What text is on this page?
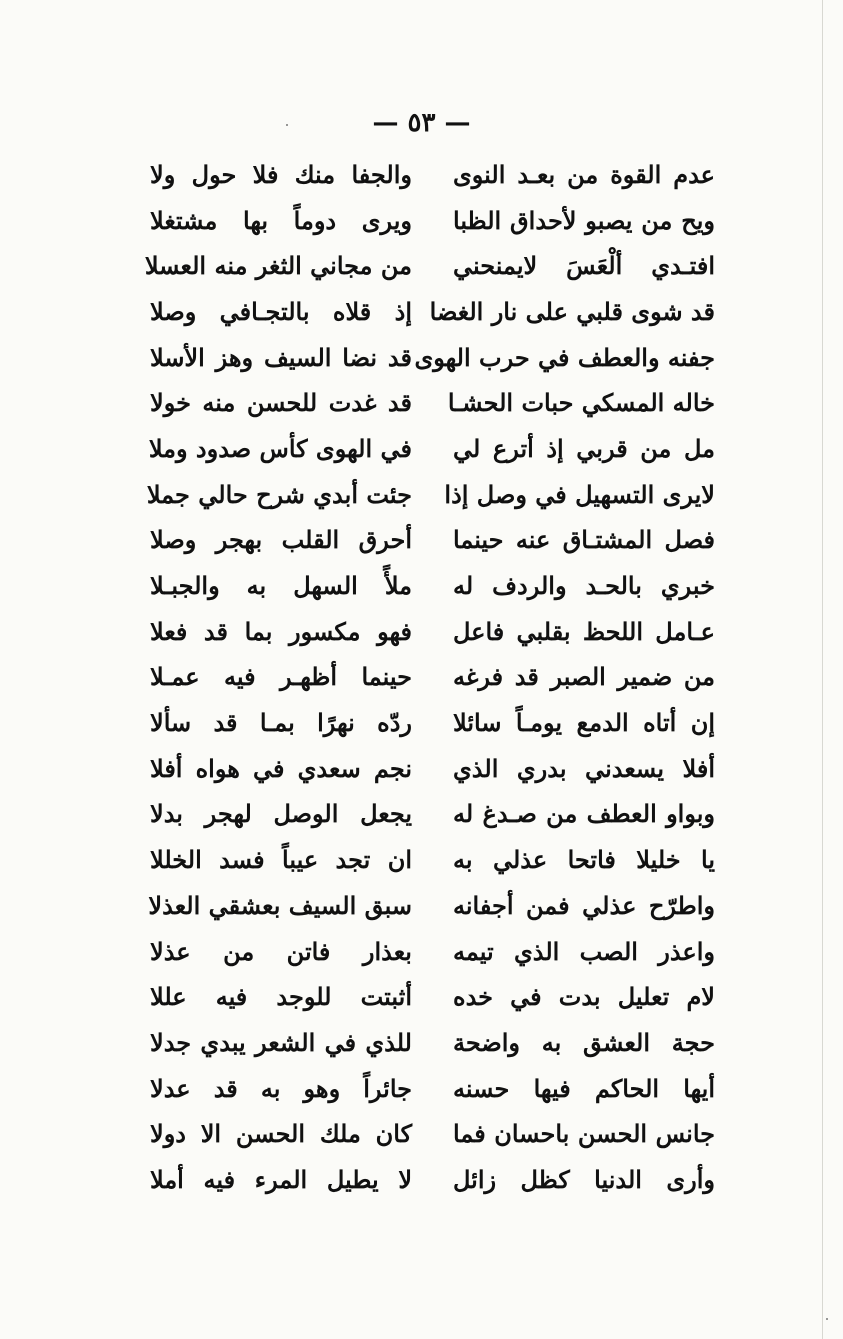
— ٥٣ —
عدم القوة من بعـد النوى
والجفا منك فلا حول ولا
ويح من يصبو لأحداق الظبا
ويرى دوماً بها مشتغلا
افتـدي ألْعَسَ لايمنحني
من مجاني الثغر منه العسلا
قد شوى قلبي على نار الغضا
إذ قلاه بالتجـافي وصلا
جفنه والعطف في حرب الهوى
قد نضا السيف وهز الأسلا
خاله المسكي حبات الحشـا
قد غدت للحسن منه خولا
مل من قربي إذ أترع لي
في الهوى كأس صدود وملا
لايرى التسهيل في وصل إذا
جئت أبدي شرح حالي جملا
فصل المشتـاق عنه حينما
أحرق القلب بهجر وصلا
خبري بالحـد والردف له
ملأً السهل به والجبـلا
عـامل اللحظ بقلبي فاعل
فهو مكسور بما قد فعلا
من ضمير الصبر قد فرغه
حينما أظهـر فيه عمـلا
إن أتاه الدمع يومـاً سائلا
ردّه نهرًا بمـا قد سألا
أفلا يسعدني بدري الذي
نجم سعدي في هواه أفلا
وبواو العطف من صـدغ له
يجعل الوصل لهجر بدلا
يا خليلا فاتحا عذلي به
ان تجد عيباً فسد الخللا
واطرّح عذلي فمن أجفانه
سبق السيف بعشقي العذلا
واعذر الصب الذي تيمه
بعذار فاتن من عذلا
لام تعليل بدت في خده
أثبتت للوجد فيه عللا
حجة العشق به واضحة
للذي في الشعر يبدي جدلا
أيها الحاكم فيها حسنه
جائراً وهو به قد عدلا
جانس الحسن باحسان فما
كان ملك الحسن الا دولا
وأرى الدنيا كظل زائل
لا يطيل المرء فيه أملا
